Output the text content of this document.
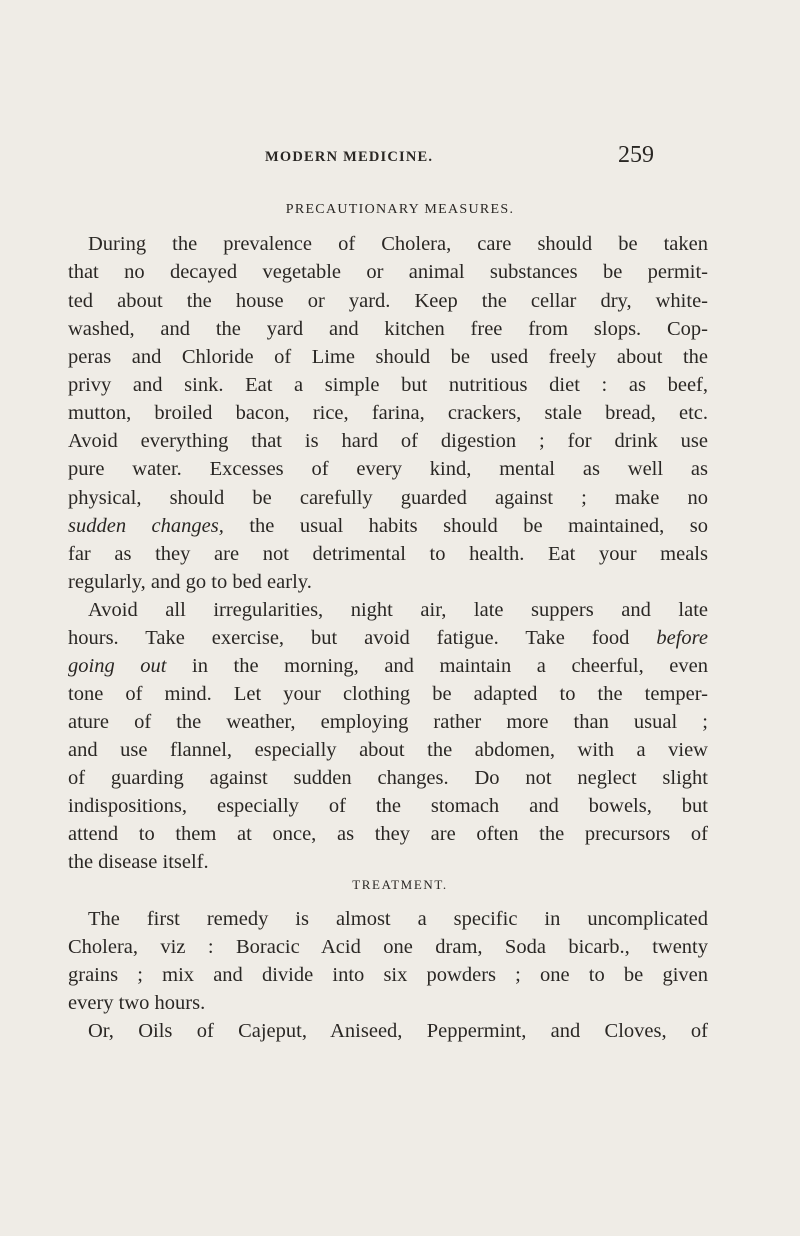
MODERN MEDICINE.	259
PRECAUTIONARY MEASURES.
During the prevalence of Cholera, care should be taken
that no decayed vegetable or animal substances be permit-
ted about the house or yard. Keep the cellar dry, white-
washed, and the yard and kitchen free from slops. Cop-
peras and Chloride of Lime should be used freely about the
privy and sink. Eat a simple but nutritious diet : as beef,
mutton, broiled bacon, rice, farina, crackers, stale bread, etc.
Avoid everything that is hard of digestion ; for drink use
pure water. Excesses of every kind, mental as well as
physical, should be carefully guarded against ; make no
sudden changes, the usual habits should be maintained, so
far as they are not detrimental to health. Eat your meals
regularly, and go to bed early.
Avoid all irregularities, night air, late suppers and late
hours. Take exercise, but avoid fatigue. Take food before
going out in the morning, and maintain a cheerful, even
tone of mind. Let your clothing be adapted to the temper-
ature of the weather, employing rather more than usual ;
and use flannel, especially about the abdomen, with a view
of guarding against sudden changes. Do not neglect slight
indispositions, especially of the stomach and bowels, but
attend to them at once, as they are often the precursors of
the disease itself.
TREATMENT.
The first remedy is almost a specific in uncomplicated
Cholera, viz : Boracic Acid one dram, Soda bicarb., twenty
grains ; mix and divide into six powders ; one to be given
every two hours.
Or, Oils of Cajeput, Aniseed, Peppermint, and Cloves, of
